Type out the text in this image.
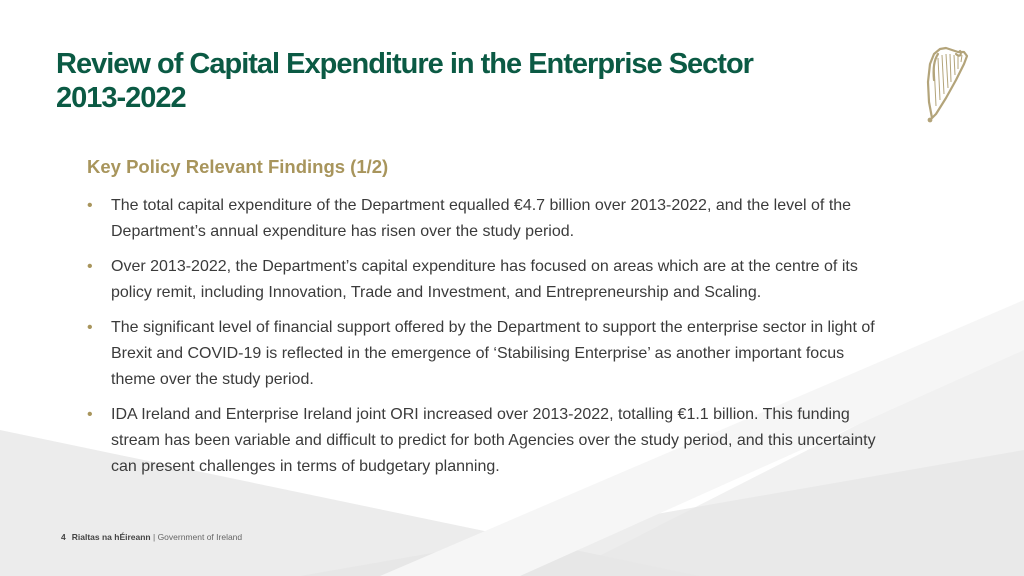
Review of Capital Expenditure in the Enterprise Sector
2013-2022
Key Policy Relevant Findings (1/2)
• The total capital expenditure of the Department equalled €4.7 billion over 2013-2022, and the level of the Department’s annual expenditure has risen over the study period.
• Over 2013-2022, the Department’s capital expenditure has focused on areas which are at the centre of its policy remit, including Innovation, Trade and Investment, and Entrepreneurship and Scaling.
• The significant level of financial support offered by the Department to support the enterprise sector in light of Brexit and COVID-19 is reflected in the emergence of ‘Stabilising Enterprise’ as another important focus theme over the study period.
• IDA Ireland and Enterprise Ireland joint ORI increased over 2013-2022, totalling €1.1 billion. This funding stream has been variable and difficult to predict for both Agencies over the study period, and this uncertainty can present challenges in terms of budgetary planning.
4 Rialtas na hÉireann | Government of Ireland
